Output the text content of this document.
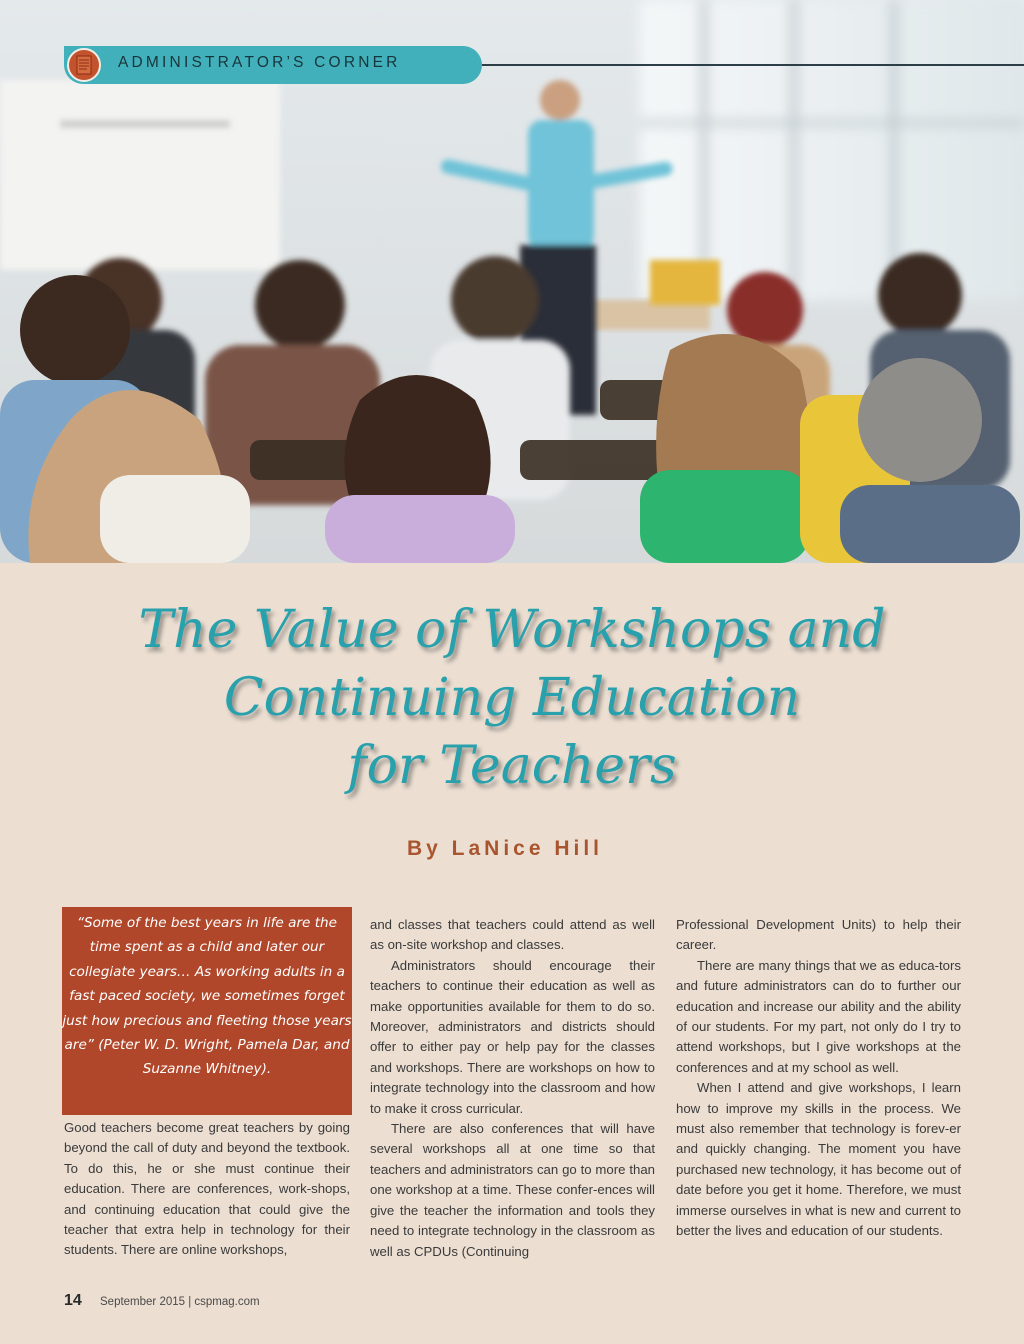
ADMINISTRATOR’S CORNER
The Value of Workshops and
Continuing Education
for Teachers
By LaNice Hill
“Some of the best years in life are the time spent as a child and later our collegiate years… As working adults in a fast paced society, we sometimes forget just how precious and fleeting those years are” (Peter W. D. Wright, Pamela Dar, and Suzanne Whitney).

Good teachers become great teachers by going beyond the call of duty and beyond the textbook. To do this, he or she must continue their education. There are conferences, work-shops, and continuing education that could give the teacher that extra help in technology for their students. There are online workshops,

and classes that teachers could attend as well as on-site workshop and classes.

Administrators should encourage their teachers to continue their education as well as make opportunities available for them to do so. Moreover, administrators and districts should offer to either pay or help pay for the classes and workshops. There are workshops on how to integrate technology into the classroom and how to make it cross curricular.

There are also conferences that will have several workshops all at one time so that teachers and administrators can go to more than one workshop at a time. These confer-ences will give the teacher the information and tools they need to integrate technology in the classroom as well as CPDUs (Continuing

Professional Development Units) to help their career.

There are many things that we as educa-tors and future administrators can do to further our education and increase our ability and the ability of our students. For my part, not only do I try to attend workshops, but I give workshops at the conferences and at my school as well.

When I attend and give workshops, I learn how to improve my skills in the process. We must also remember that technology is forev-er and quickly changing. The moment you have purchased new technology, it has become out of date before you get it home. Therefore, we must immerse ourselves in what is new and current to better the lives and education of our students.

14 September 2015 | cspmag.com
